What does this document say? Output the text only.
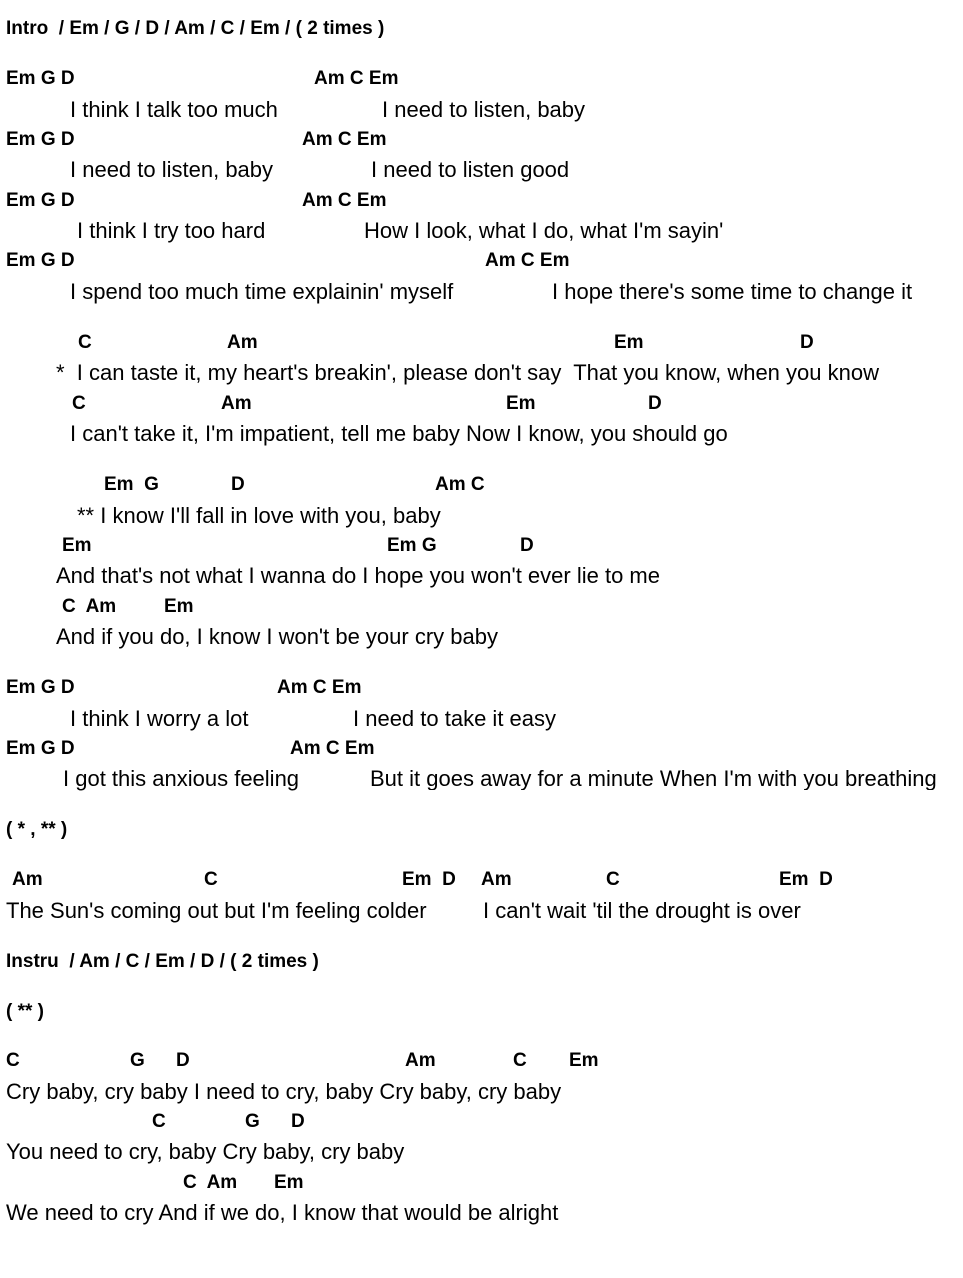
Intro  / Em / G / D / Am / C / Em / ( 2 times )
Em G D	Am C Em
I think I talk too much	I need to listen, baby
Em G D	Am C Em
I need to listen, baby	I need to listen good
Em G D	Am C Em
I think I try too hard	How I look, what I do, what I'm sayin'
Em G D	Am C Em
I spend too much time explainin' myself	I hope there's some time to change it
C	Am	Em	D
*  I can taste it, my heart's breakin', please don't say  That you know, when you know
C	Am	Em	D
I can't take it, I'm impatient, tell me baby Now I know, you should go
Em  G	D	Am C
** I know I'll fall in love with you, baby
Em	Em G	D
And that's not what I wanna do I hope you won't ever lie to me
C  Am	Em
And if you do, I know I won't be your cry baby
Em G D	Am C Em
I think I worry a lot	I need to take it easy
Em G D	Am C Em
I got this anxious feeling	But it goes away for a minute When I'm with you breathing
( * , ** )
Am	C	Em  D Am	C	Em  D
The Sun's coming out but I'm feeling colder	I can't wait 'til the drought is over
Instru  / Am / C / Em / D / ( 2 times )
( ** )
C	G D	Am	C Em
Cry baby, cry baby I need to cry, baby Cry baby, cry baby
C	G D
You need to cry, baby Cry baby, cry baby
C  Am Em
We need to cry And if we do, I know that would be alright
